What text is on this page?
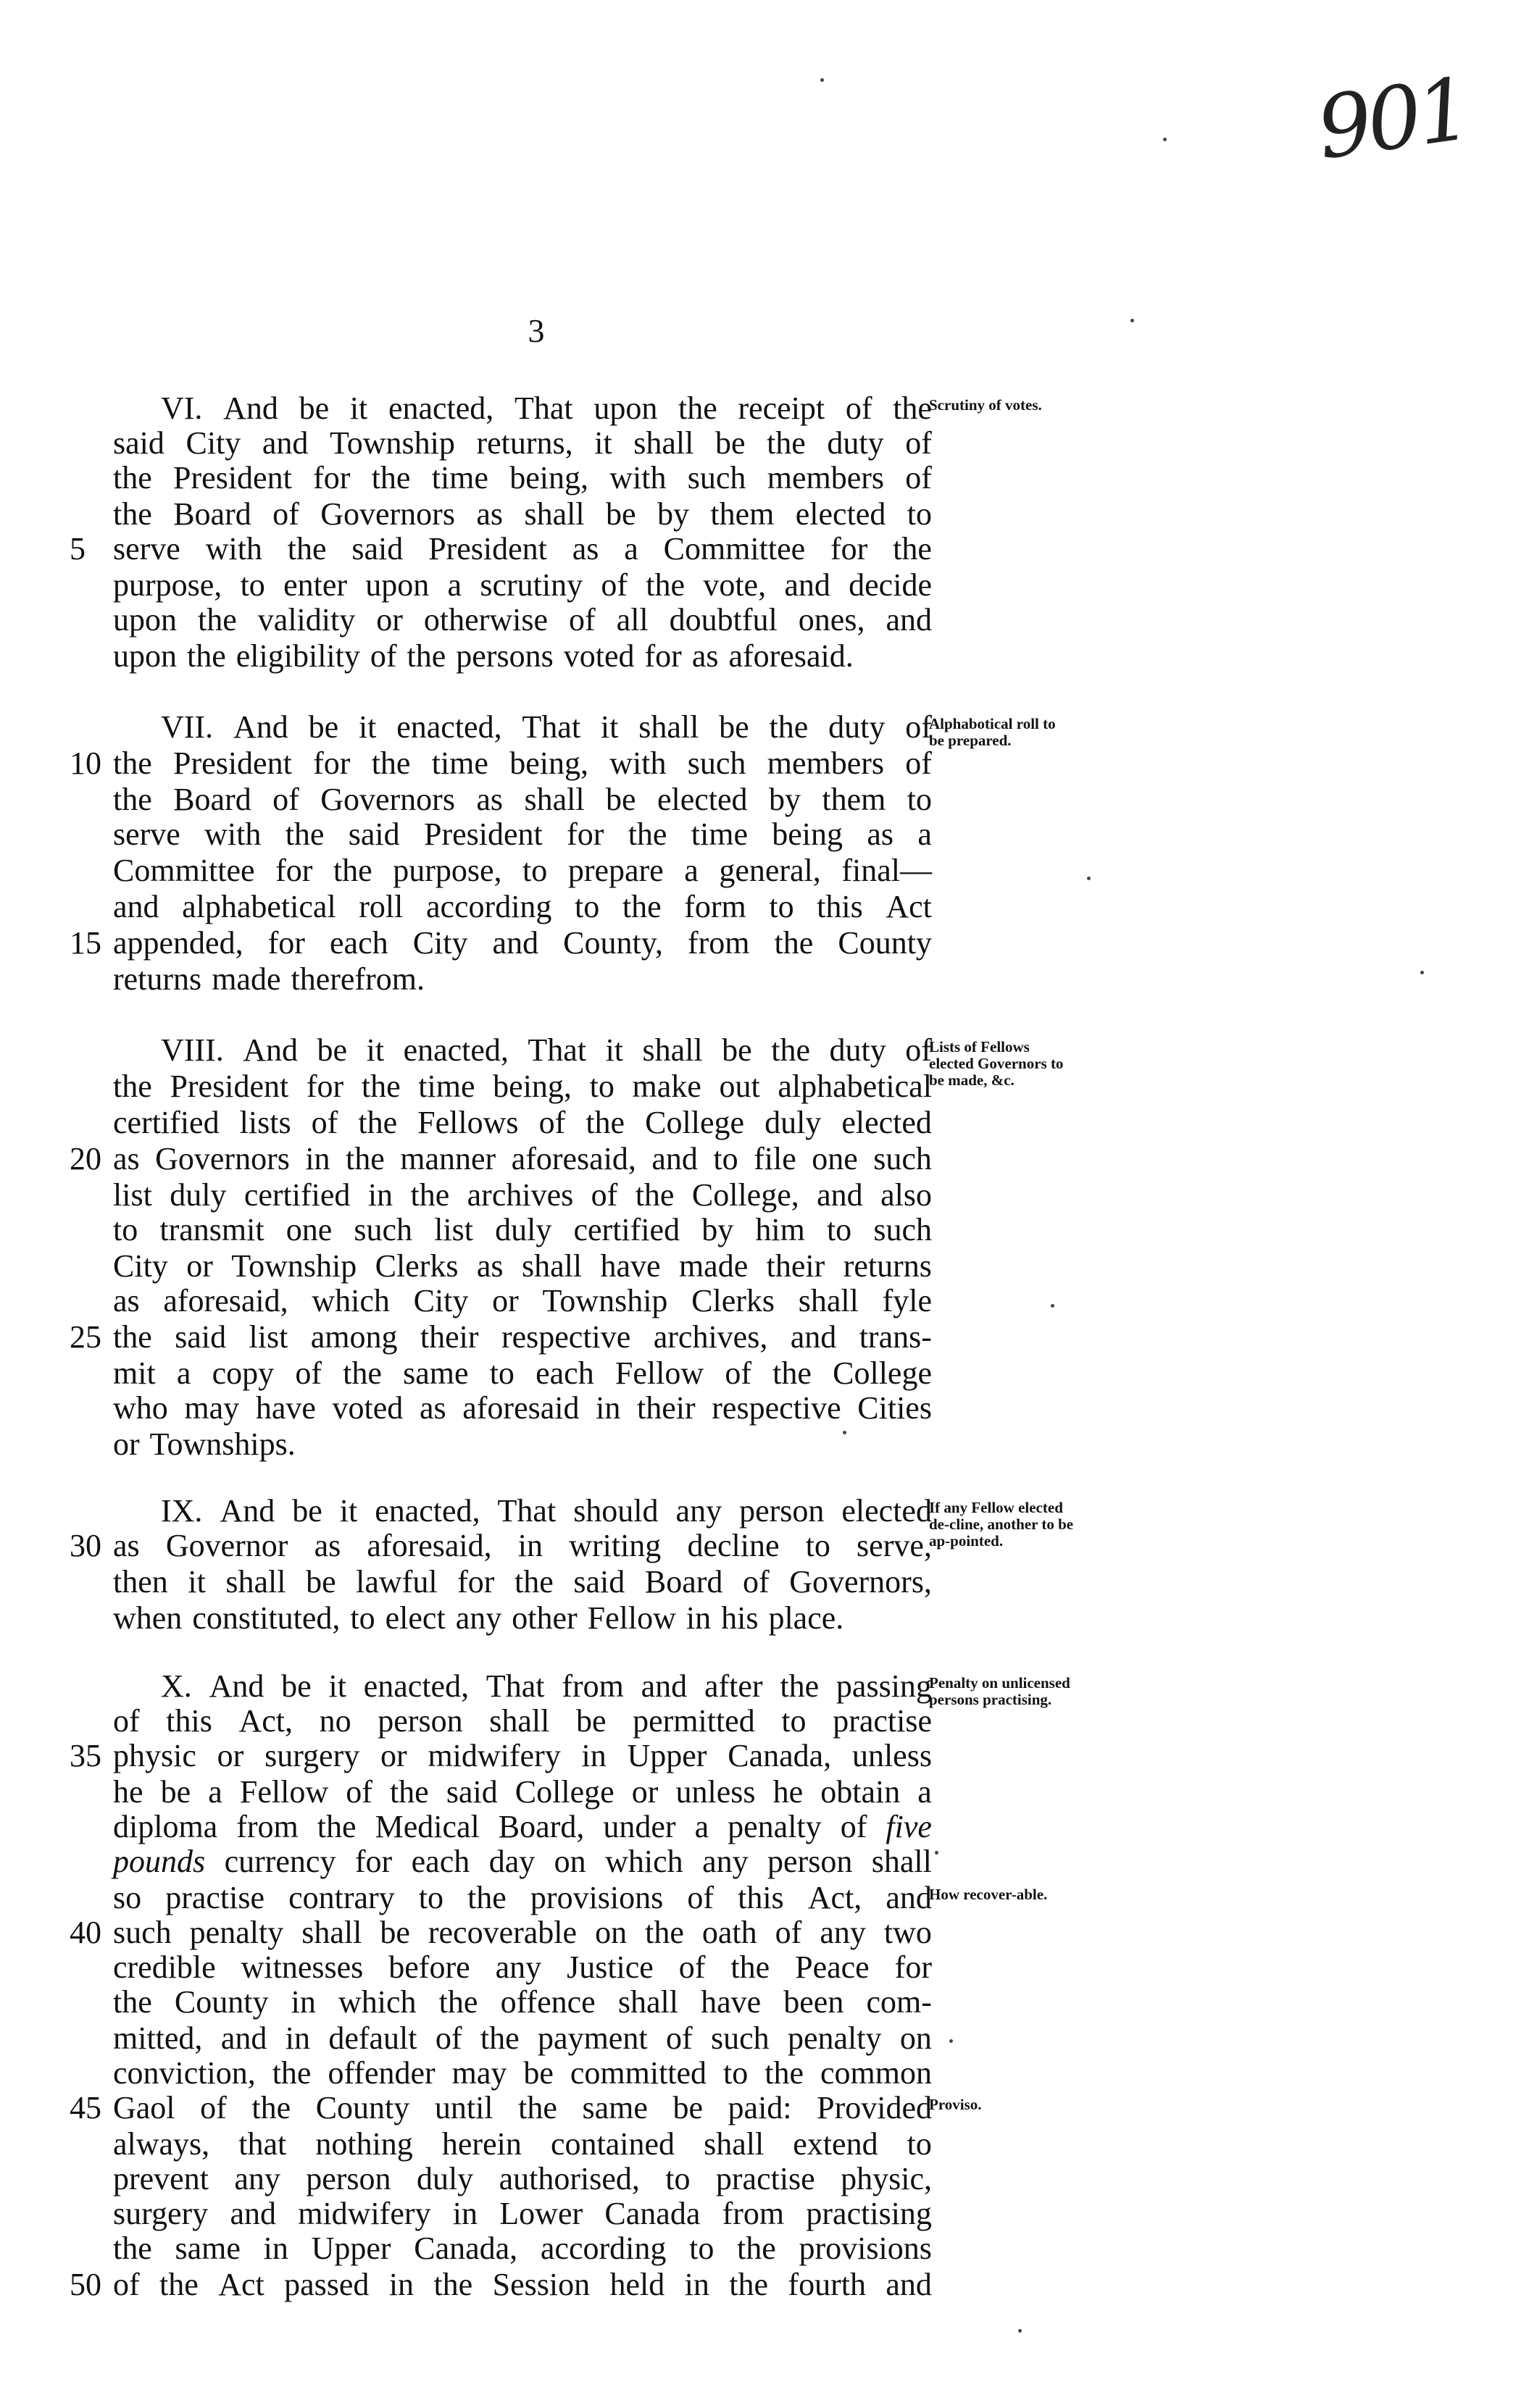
901
3
VI. And be it enacted, That upon the receipt of the
said City and Township returns, it shall be the duty of
the President for the time being, with such members of
the Board of Governors as shall be by them elected to
serve with the said President as a Committee for the
purpose, to enter upon a scrutiny of the vote, and decide
upon the validity or otherwise of all doubtful ones, and
upon the eligibility of the persons voted for as aforesaid.
VII. And be it enacted, That it shall be the duty of
the President for the time being, with such members of
the Board of Governors as shall be elected by them to
serve with the said President for the time being as a
Committee for the purpose, to prepare a general, final—
and alphabetical roll according to the form to this Act
appended, for each City and County, from the County
returns made therefrom.
VIII. And be it enacted, That it shall be the duty of
the President for the time being, to make out alphabetical
certified lists of the Fellows of the College duly elected
as Governors in the manner aforesaid, and to file one such
list duly certified in the archives of the College, and also
to transmit one such list duly certified by him to such
City or Township Clerks as shall have made their returns
as aforesaid, which City or Township Clerks shall fyle
the said list among their respective archives, and trans-
mit a copy of the same to each Fellow of the College
who may have voted as aforesaid in their respective Cities
or Townships.
IX. And be it enacted, That should any person elected
as Governor as aforesaid, in writing decline to serve,
then it shall be lawful for the said Board of Governors,
when constituted, to elect any other Fellow in his place.
X. And be it enacted, That from and after the passing
of this Act, no person shall be permitted to practise
physic or surgery or midwifery in Upper Canada, unless
he be a Fellow of the said College or unless he obtain a
diploma from the Medical Board, under a penalty of five
pounds currency for each day on which any person shall
so practise contrary to the provisions of this Act, and
such penalty shall be recoverable on the oath of any two
credible witnesses before any Justice of the Peace for
the County in which the offence shall have been com-
mitted, and in default of the payment of such penalty on
conviction, the offender may be committed to the common
Gaol of the County until the same be paid: Provided
always, that nothing herein contained shall extend to
prevent any person duly authorised, to practise physic,
surgery and midwifery in Lower Canada from practising
the same in Upper Canada, according to the provisions
of the Act passed in the Session held in the fourth and
5
10
15
20
25
30
35
40
45
50
Scrutiny of votes.
Alphabotical roll to be prepared.
Lists of Fellows elected Governors to be made, &c.
If any Fellow elected de-cline, another to be ap-pointed.
Penalty on unlicensed persons practising.
How recover-able.
Proviso.
